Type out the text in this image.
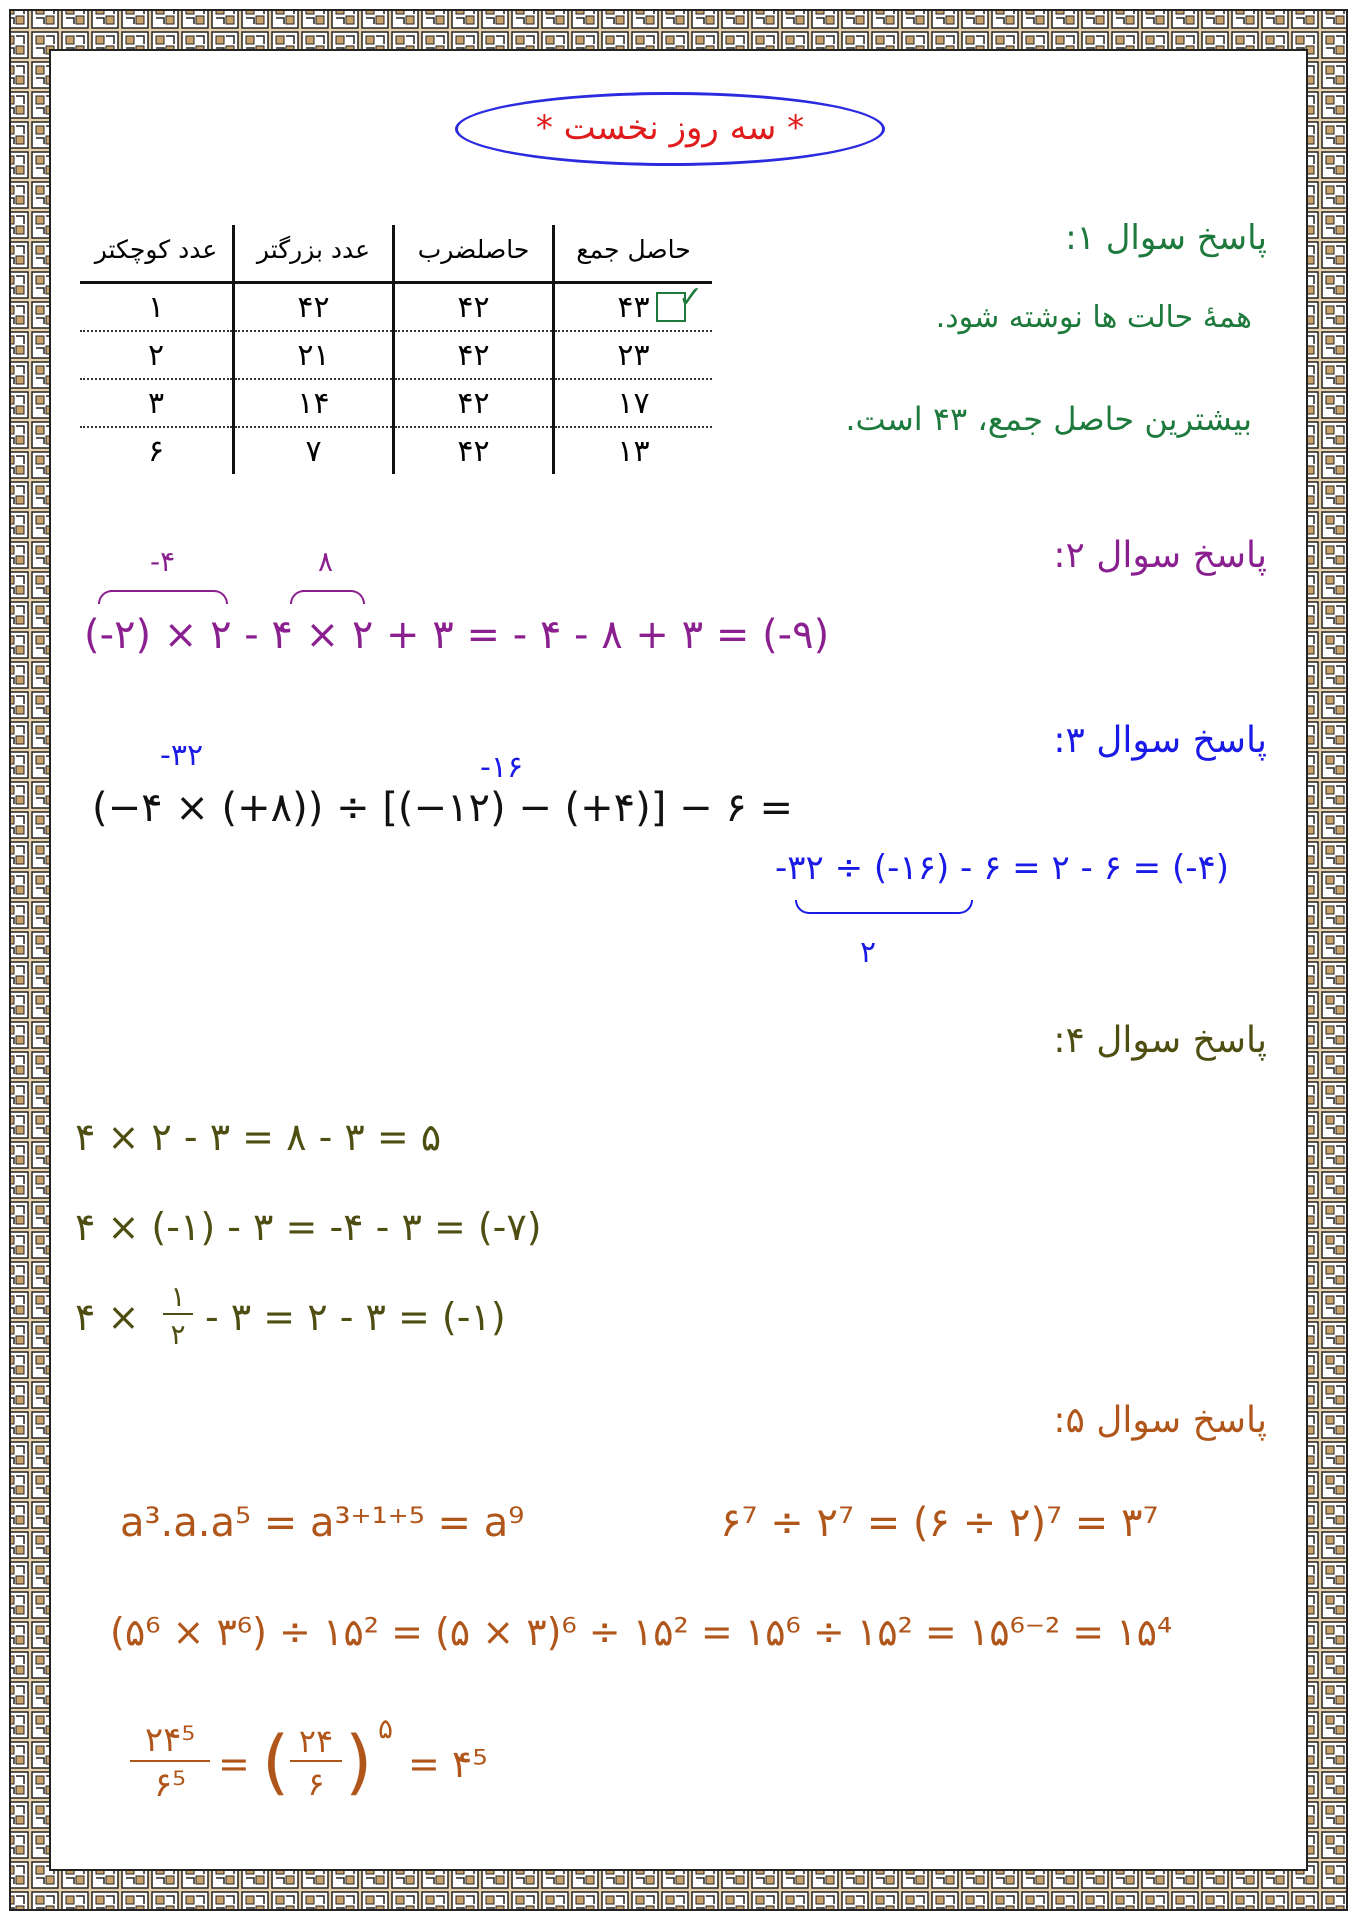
* سه روز نخست *
پاسخ سوال ۱:
حاصل جمع	حاصلضرب	عدد بزرگتر	عدد کوچکتر
۴۳	۴۲	۴۲	۱
۲۳	۴۲	۲۱	۲
۱۷	۴۲	۱۴	۳
۱۳	۴۲	۷	۶
✓
همهٔ حالت ها نوشته شود.
بیشترین حاصل جمع، ۴۳ است.
پاسخ سوال ۲:
-۴	۸
(-۲) × ۲ - ۴ × ۲ + ۳ = - ۴ - ۸ + ۳ = (-۹)
پاسخ سوال ۳:
-۳۲	-۱۶
(−۴ × (+۸)) ÷ [(−۱۲) − (+۴)] − ۶ =
-۳۲ ÷ (-۱۶) - ۶ = ۲ - ۶ = (-۴)
۲
پاسخ سوال ۴:
۴ × ۲ - ۳ = ۸ - ۳ = ۵
۴ × (-۱) - ۳ = -۴ - ۳ = (-۷)
۴ × ۱
۲ - ۳ = ۲ - ۳ = (-۱)
پاسخ سوال ۵:
a³.a.a⁵ = a³⁺¹⁺⁵ = a⁹	۶⁷ ÷ ۲⁷ = (۶ ÷ ۲)⁷ = ۳⁷
(۵⁶ × ۳⁶) ÷ ۱۵² = (۵ × ۳)⁶ ÷ ۱۵² = ۱۵⁶ ÷ ۱۵² = ۱۵⁶⁻² = ۱۵⁴
۲۴⁵
۶⁵ = ( ۲۴
۶ ) ۵
= ۴⁵
